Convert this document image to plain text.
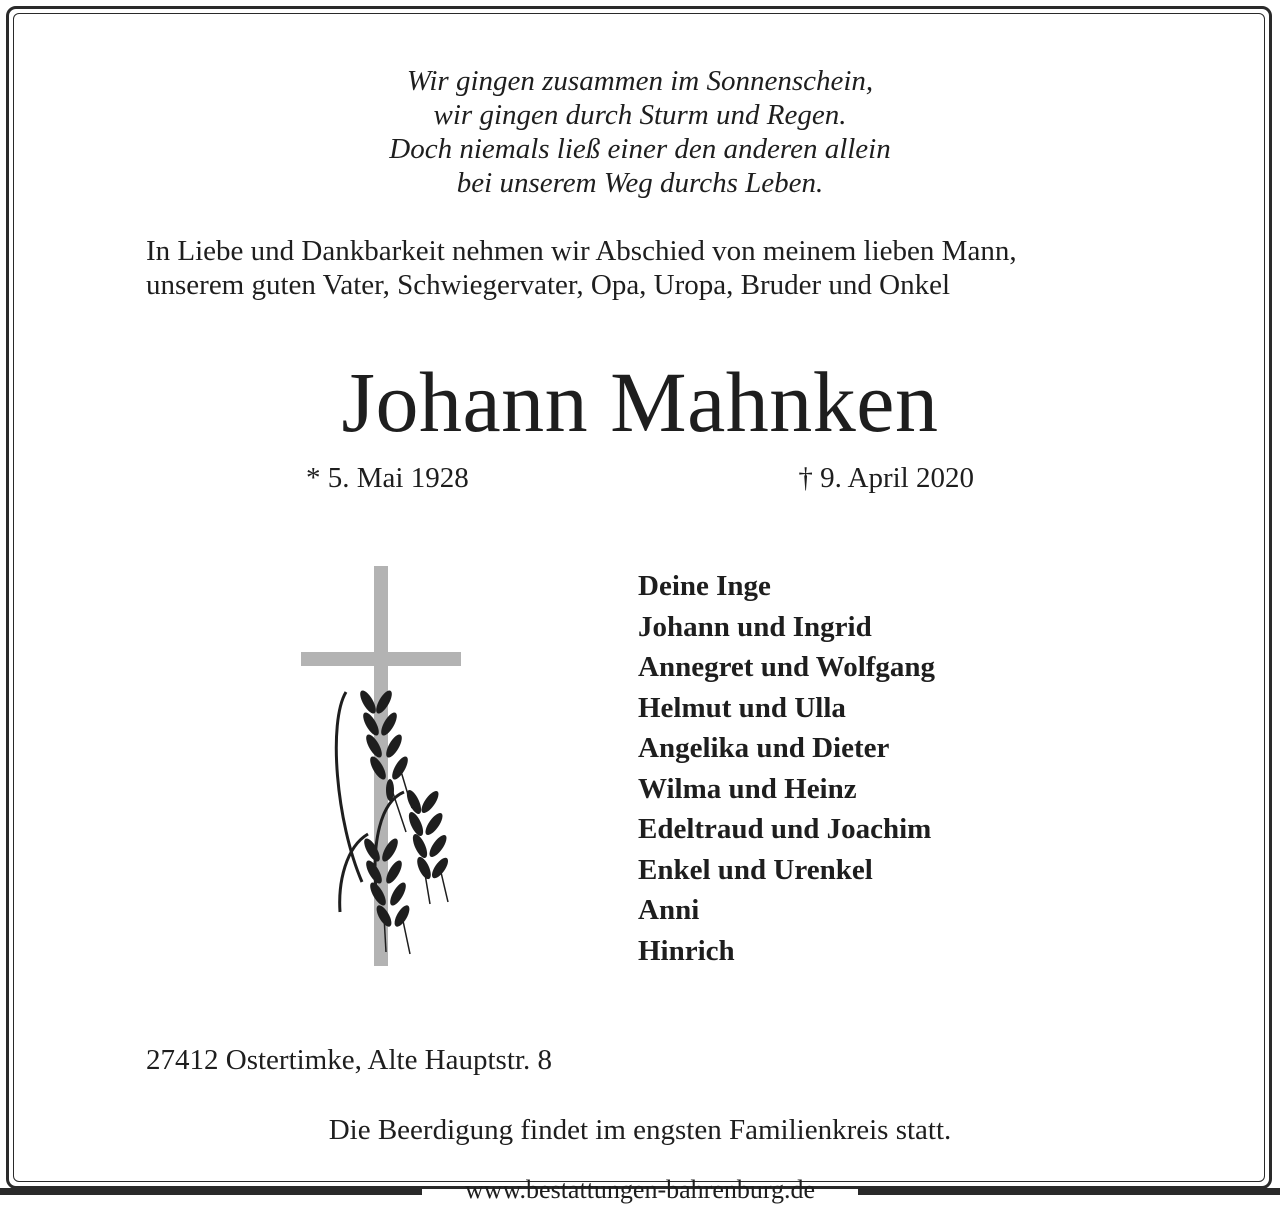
Wir gingen zusammen im Sonnenschein,
wir gingen durch Sturm und Regen.
Doch niemals ließ einer den anderen allein
bei unserem Weg durchs Leben.
In Liebe und Dankbarkeit nehmen wir Abschied von meinem lieben Mann,
unserem guten Vater, Schwiegervater, Opa, Uropa, Bruder und Onkel
Johann Mahnken
* 5. Mai 1928	† 9. April 2020
Deine Inge
Johann und Ingrid
Annegret und Wolfgang
Helmut und Ulla
Angelika und Dieter
Wilma und Heinz
Edeltraud und Joachim
Enkel und Urenkel
Anni
Hinrich
27412 Ostertimke, Alte Hauptstr. 8
Die Beerdigung findet im engsten Familienkreis statt.
www.bestattungen-bahrenburg.de
